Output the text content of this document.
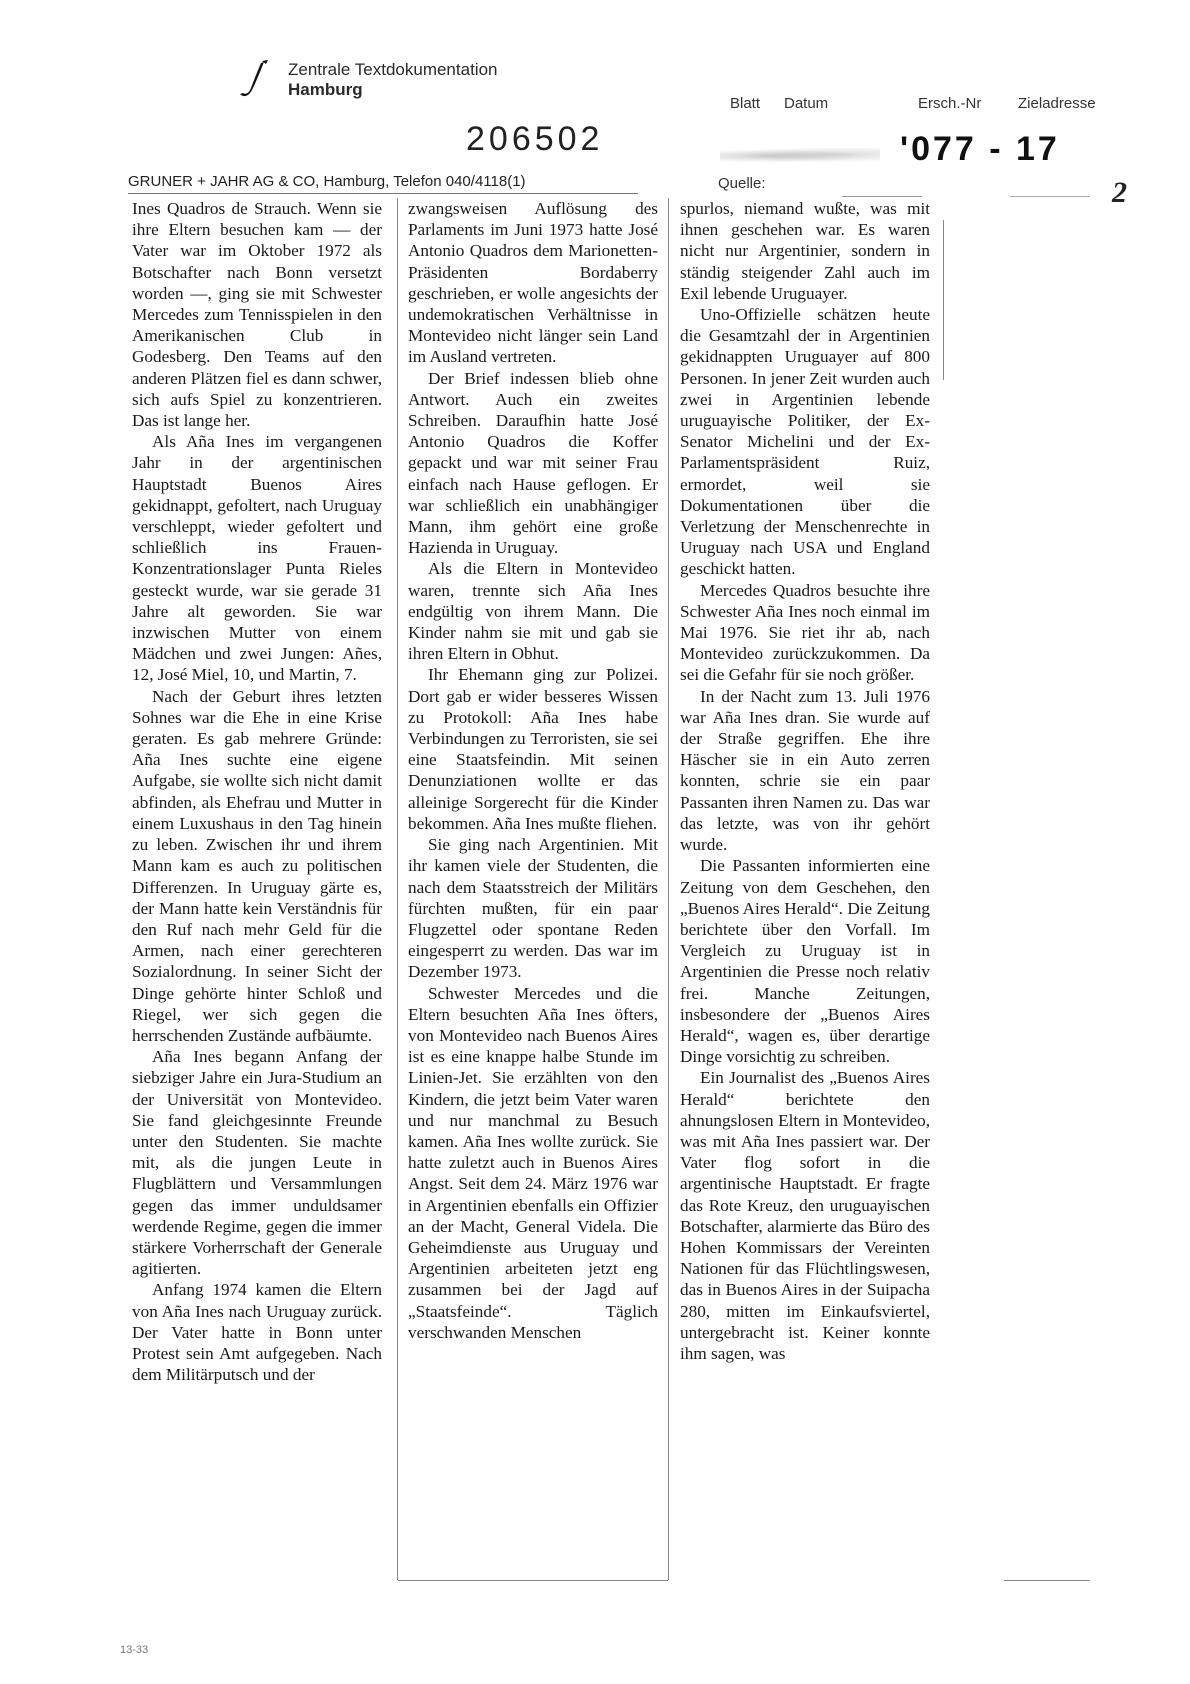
Zentrale Textdokumentation
Hamburg
Blatt Datum	Ersch.-Nr Zieladresse
206502	'077 - 17
GRUNER + JAHR AG & CO, Hamburg, Telefon 040/4118(1)	Quelle:	2

Ines Quadros de Strauch. Wenn sie ihre Eltern besuchen kam — der Vater war im Oktober 1972 als Botschafter nach Bonn versetzt worden —, ging sie mit Schwester Mercedes zum Tennisspielen in den Amerikanischen Club in Godesberg. Den Teams auf den anderen Plätzen fiel es dann schwer, sich aufs Spiel zu konzentrieren. Das ist lange her.

Als Aña Ines im vergangenen Jahr in der argentinischen Hauptstadt Buenos Aires gekidnappt, gefoltert, nach Uruguay verschleppt, wieder gefoltert und schließlich ins Frauen-Konzentrationslager Punta Rieles gesteckt wurde, war sie gerade 31 Jahre alt geworden. Sie war inzwischen Mutter von einem Mädchen und zwei Jungen: Añes, 12, José Miel, 10, und Martin, 7.

Nach der Geburt ihres letzten Sohnes war die Ehe in eine Krise geraten. Es gab mehrere Gründe: Aña Ines suchte eine eigene Aufgabe, sie wollte sich nicht damit abfinden, als Ehefrau und Mutter in einem Luxushaus in den Tag hinein zu leben. Zwischen ihr und ihrem Mann kam es auch zu politischen Differenzen. In Uruguay gärte es, der Mann hatte kein Verständnis für den Ruf nach mehr Geld für die Armen, nach einer gerechteren Sozialordnung. In seiner Sicht der Dinge gehörte hinter Schloß und Riegel, wer sich gegen die herrschenden Zustände aufbäumte.

Aña Ines begann Anfang der siebziger Jahre ein Jura-Studium an der Universität von Montevideo. Sie fand gleichgesinnte Freunde unter den Studenten. Sie machte mit, als die jungen Leute in Flugblättern und Versammlungen gegen das immer unduldsamer werdende Regime, gegen die immer stärkere Vorherrschaft der Generale agitierten.

Anfang 1974 kamen die Eltern von Aña Ines nach Uruguay zurück. Der Vater hatte in Bonn unter Protest sein Amt aufgegeben. Nach dem Militärputsch und der

zwangsweisen Auflösung des Parlaments im Juni 1973 hatte José Antonio Quadros dem Marionetten-Präsidenten Bordaberry geschrieben, er wolle angesichts der undemokratischen Verhältnisse in Montevideo nicht länger sein Land im Ausland vertreten.

Der Brief indessen blieb ohne Antwort. Auch ein zweites Schreiben. Daraufhin hatte José Antonio Quadros die Koffer gepackt und war mit seiner Frau einfach nach Hause geflogen. Er war schließlich ein unabhängiger Mann, ihm gehört eine große Hazienda in Uruguay.

Als die Eltern in Montevideo waren, trennte sich Aña Ines endgültig von ihrem Mann. Die Kinder nahm sie mit und gab sie ihren Eltern in Obhut.

Ihr Ehemann ging zur Polizei. Dort gab er wider besseres Wissen zu Protokoll: Aña Ines habe Verbindungen zu Terroristen, sie sei eine Staatsfeindin. Mit seinen Denunziationen wollte er das alleinige Sorgerecht für die Kinder bekommen. Aña Ines mußte fliehen.

Sie ging nach Argentinien. Mit ihr kamen viele der Studenten, die nach dem Staatsstreich der Militärs fürchten mußten, für ein paar Flugzettel oder spontane Reden eingesperrt zu werden. Das war im Dezember 1973.

Schwester Mercedes und die Eltern besuchten Aña Ines öfters, von Montevideo nach Buenos Aires ist es eine knappe halbe Stunde im Linien-Jet. Sie erzählten von den Kindern, die jetzt beim Vater waren und nur manchmal zu Besuch kamen. Aña Ines wollte zurück. Sie hatte zuletzt auch in Buenos Aires Angst. Seit dem 24. März 1976 war in Argentinien ebenfalls ein Offizier an der Macht, General Videla. Die Geheimdienste aus Uruguay und Argentinien arbeiteten jetzt eng zusammen bei der Jagd auf „Staatsfeinde“. Täglich verschwanden Menschen

spurlos, niemand wußte, was mit ihnen geschehen war. Es waren nicht nur Argentinier, sondern in ständig steigender Zahl auch im Exil lebende Uruguayer.

Uno-Offizielle schätzen heute die Gesamtzahl der in Argentinien gekidnappten Uruguayer auf 800 Personen. In jener Zeit wurden auch zwei in Argentinien lebende uruguayische Politiker, der Ex-Senator Michelini und der Ex-Parlamentspräsident Ruiz, ermordet, weil sie Dokumentationen über die Verletzung der Menschenrechte in Uruguay nach USA und England geschickt hatten.

Mercedes Quadros besuchte ihre Schwester Aña Ines noch einmal im Mai 1976. Sie riet ihr ab, nach Montevideo zurückzukommen. Da sei die Gefahr für sie noch größer.

In der Nacht zum 13. Juli 1976 war Aña Ines dran. Sie wurde auf der Straße gegriffen. Ehe ihre Häscher sie in ein Auto zerren konnten, schrie sie ein paar Passanten ihren Namen zu. Das war das letzte, was von ihr gehört wurde.

Die Passanten informierten eine Zeitung von dem Geschehen, den „Buenos Aires Herald“. Die Zeitung berichtete über den Vorfall. Im Vergleich zu Uruguay ist in Argentinien die Presse noch relativ frei. Manche Zeitungen, insbesondere der „Buenos Aires Herald“, wagen es, über derartige Dinge vorsichtig zu schreiben.

Ein Journalist des „Buenos Aires Herald“ berichtete den ahnungslosen Eltern in Montevideo, was mit Aña Ines passiert war. Der Vater flog sofort in die argentinische Hauptstadt. Er fragte das Rote Kreuz, den uruguayischen Botschafter, alarmierte das Büro des Hohen Kommissars der Vereinten Nationen für das Flüchtlingswesen, das in Buenos Aires in der Suipacha 280, mitten im Einkaufsviertel, untergebracht ist. Keiner konnte ihm sagen, was

13-33
